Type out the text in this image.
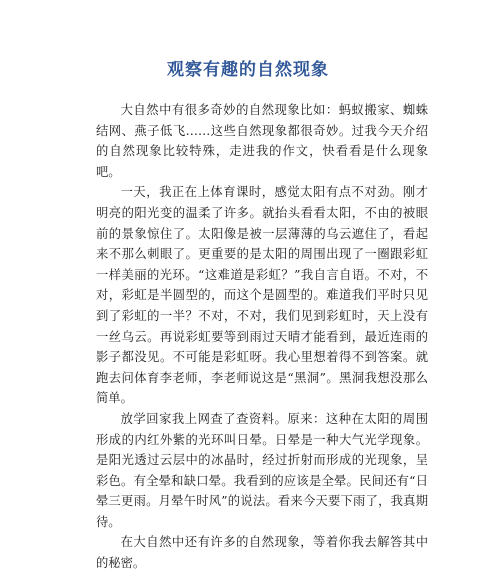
观察有趣的自然现象

大自然中有很多奇妙的自然现象比如：蚂蚁搬家、蜘蛛结网、燕子低飞……这些自然现象都很奇妙。过我今天介绍的自然现象比较特殊，走进我的作文，快看看是什么现象吧。

一天，我正在上体育课时，感觉太阳有点不对劲。刚才明亮的阳光变的温柔了许多。就抬头看看太阳，不由的被眼前的景象惊住了。太阳像是被一层薄薄的乌云遮住了，看起来不那么刺眼了。更重要的是太阳的周围出现了一圈跟彩虹一样美丽的光环。“这难道是彩虹？”我自言自语。不对，不对，彩虹是半圆型的，而这个是圆型的。难道我们平时只见到了彩虹的一半？不对，不对，我们见到彩虹时，天上没有一丝乌云。再说彩虹要等到雨过天晴才能看到，最近连雨的影子都没见。不可能是彩虹呀。我心里想着得不到答案。就跑去问体育李老师，李老师说这是“黑洞”。黑洞我想没那么简单。

放学回家我上网查了查资料。原来：这种在太阳的周围形成的内红外紫的光环叫日晕。日晕是一种大气光学现象。是阳光透过云层中的冰晶时，经过折射而形成的光现象，呈彩色。有全晕和缺口晕。我看到的应该是全晕。民间还有“日晕三更雨。月晕午时风”的说法。看来今天要下雨了，我真期待。

在大自然中还有许多的自然现象，等着你我去解答其中的秘密。
